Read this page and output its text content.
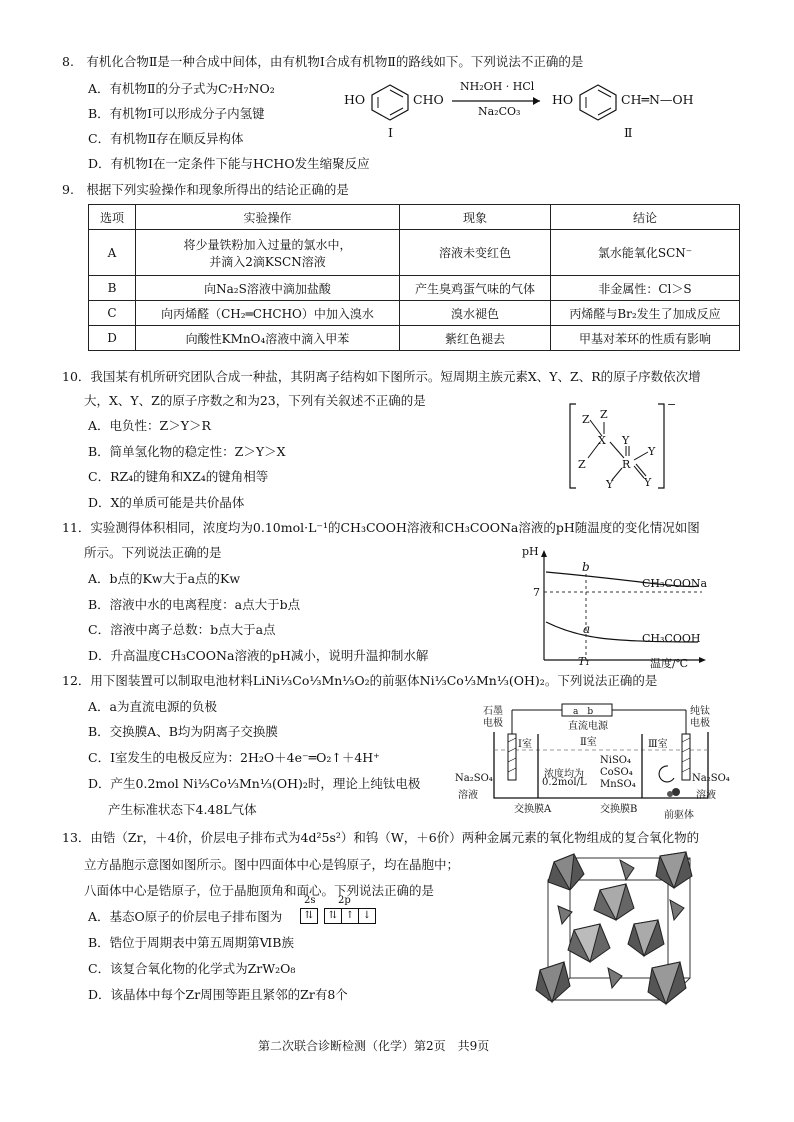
8.　有机化合物Ⅱ是一种合成中间体，由有机物Ⅰ合成有机物Ⅱ的路线如下。下列说法不正确的是
A．有机物Ⅱ的分子式为C₇H₇NO₂
B．有机物Ⅰ可以形成分子内氢键
C．有机物Ⅱ存在顺反异构体
D．有机物Ⅰ在一定条件下能与HCHO发生缩聚反应
HO	CHO
NH₂OH · HCl
Na₂CO₃
HO	CH═N—OH
Ⅰ	Ⅱ
9.　根据下列实验操作和现象所得出的结论正确的是
选项	实验操作	现象	结论
A	将少量铁粉加入过量的氯水中，
并滴入2滴KSCN溶液	溶液未变红色	氯水能氧化SCN⁻
B	向Na₂S溶液中滴加盐酸	产生臭鸡蛋气味的气体	非金属性：Cl＞S
C	向丙烯醛（CH₂═CHCHO）中加入溴水	溴水褪色	丙烯醛与Br₂发生了加成反应
D	向酸性KMnO₄溶液中滴入甲苯	紫红色褪去	甲基对苯环的性质有影响
10．我国某有机所研究团队合成一种盐，其阴离子结构如下图所示。短周期主族元素X、Y、Z、R的原子序数依次增
大，X、Y、Z的原子序数之和为23，下列有关叙述不正确的是
A．电负性：Z＞Y＞R
B．简单氢化物的稳定性：Z＞Y＞X
C．RZ₄的键角和XZ₄的键角相等
D．X的单质可能是共价晶体
Z Z
X
Z
Y
R
Y
Y	Y
−
11．实验测得体积相同，浓度均为0.10mol·L⁻¹的CH₃COOH溶液和CH₃COONa溶液的pH随温度的变化情况如图
所示。下列说法正确的是
A．b点的Kw大于a点的Kw
B．溶液中水的电离程度：a点大于b点
C．溶液中离子总数：b点大于a点
D．升高温度CH₃COONa溶液的pH减小，说明升温抑制水解
pH
7
b
a
CH₃COONa
CH₃COOH
T₁	温度/℃
12．用下图装置可以制取电池材料LiNi⅓Co⅓Mn⅓O₂的前驱体Ni⅓Co⅓Mn⅓(OH)₂。下列说法正确的是
A．a为直流电源的负极
B．交换膜A、B均为阴离子交换膜
C．Ⅰ室发生的电极反应为：2H₂O＋4e⁻═O₂↑＋4H⁺
D．产生0.2mol Ni⅓Co⅓Mn⅓(OH)₂时，理论上纯钛电极
产生标准状态下4.48L气体
石墨
电极
纯钛
电极
a　b
直流电源
Ⅰ室	Ⅱ室	Ⅲ室
Na₂SO₄
溶液
浓度均为
0.2mol/L
NiSO₄
CoSO₄
MnSO₄
Na₂SO₄
溶液
交换膜A	交换膜B
前驱体
13．由锆（Zr，＋4价，价层电子排布式为4d²5s²）和钨（W，＋6价）两种金属元素的氧化物组成的复合氧化物的
立方晶胞示意图如图所示。图中四面体中心是钨原子，均在晶胞中；
八面体中心是锆原子，位于晶胞顶角和面心。下列说法正确的是
A．基态O原子的价层电子排布图为
2s 2p
⇅	⇅ ↑ ↓
B．锆位于周期表中第五周期第ⅥB族
C．该复合氧化物的化学式为ZrW₂O₈
D．该晶体中每个Zr周围等距且紧邻的Zr有8个
第二次联合诊断检测（化学）第2页　共9页
